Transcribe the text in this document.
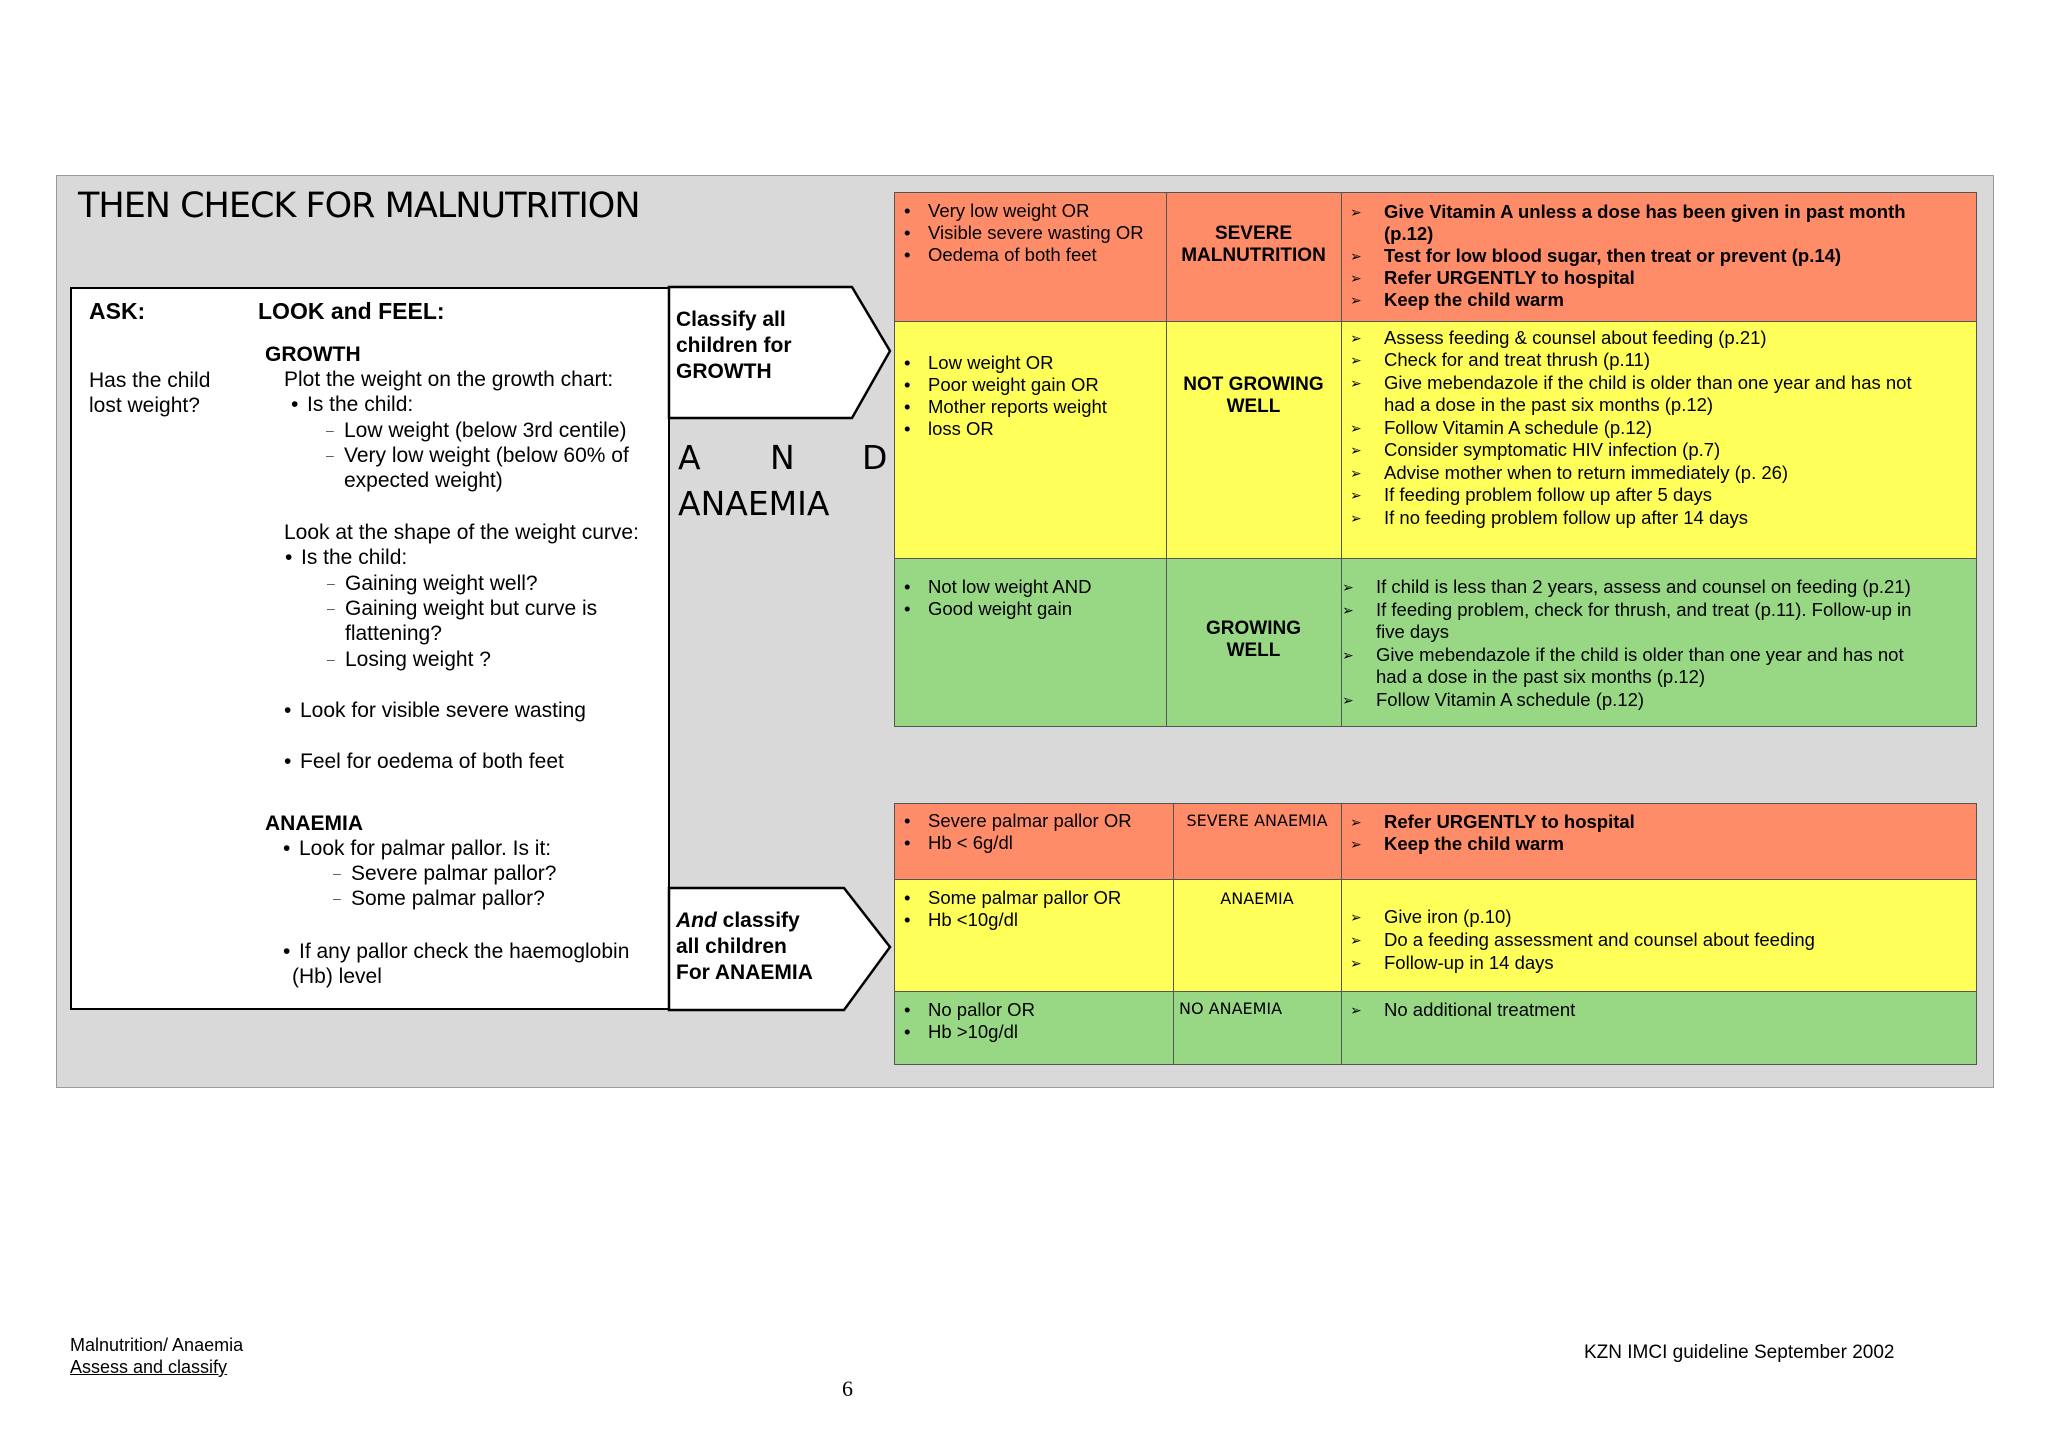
THEN CHECK FOR MALNUTRITION
ASK:	LOOK and FEEL:
Has the child
lost weight?
GROWTH
Plot the weight on the growth chart:
• Is the child:
– Low weight (below 3rd centile)
– Very low weight (below 60% of
expected weight)
Look at the shape of the weight curve:
• Is the child:
– Gaining weight well?
– Gaining weight but curve is
flattening?
– Losing weight ?
• Look for visible severe wasting
• Feel for oedema of both feet
ANAEMIA
• Look for palmar pallor. Is it:
– Severe palmar pallor?
– Some palmar pallor?
• If any pallor check the haemoglobin
(Hb) level
Classify all
children for
GROWTH
A N D
ANAEMIA
And classify
all children
For ANAEMIA
• Very low weight OR
• Visible severe wasting OR
• Oedema of both feet
SEVERE
MALNUTRITION
➢ Give Vitamin A unless a dose has been given in past month
(p.12)
➢ Test for low blood sugar, then treat or prevent (p.14)
➢ Refer URGENTLY to hospital
➢ Keep the child warm
• Low weight OR
• Poor weight gain OR
• Mother reports weight
• loss OR
NOT GROWING
WELL
➢ Assess feeding & counsel about feeding (p.21)
➢ Check for and treat thrush (p.11)
➢ Give mebendazole if the child is older than one year and has not
had a dose in the past six months (p.12)
➢ Follow Vitamin A schedule (p.12)
➢ Consider symptomatic HIV infection (p.7)
➢ Advise mother when to return immediately (p. 26)
➢ If feeding problem follow up after 5 days
➢ If no feeding problem follow up after 14 days
• Not low weight AND
• Good weight gain
GROWING
WELL
➢ If child is less than 2 years, assess and counsel on feeding (p.21)
➢ If feeding problem, check for thrush, and treat (p.11). Follow-up in
five days
➢ Give mebendazole if the child is older than one year and has not
had a dose in the past six months (p.12)
➢ Follow Vitamin A schedule (p.12)
• Severe palmar pallor OR
• Hb < 6g/dl
SEVERE ANAEMIA	➢ Refer URGENTLY to hospital
➢ Keep the child warm
• Some palmar pallor OR
• Hb <10g/dl
ANAEMIA
➢ Give iron (p.10)
➢ Do a feeding assessment and counsel about feeding
➢ Follow-up in 14 days
• No pallor OR
• Hb >10g/dl
NO ANAEMIA	➢ No additional treatment
Malnutrition/ Anaemia
Assess and classify
6
KZN IMCI guideline September 2002
